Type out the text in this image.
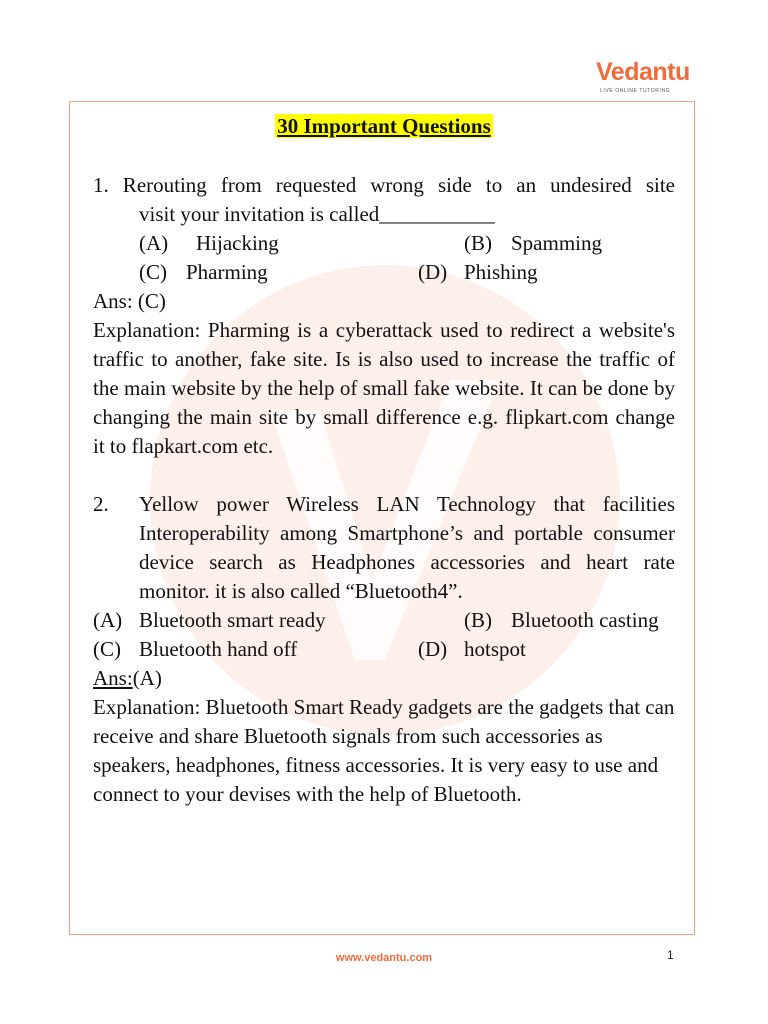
Vedantu
LIVE ONLINE TUTORING
30 Important Questions
1. Rerouting from requested wrong side to an undesired site
visit your invitation is called___________
(A) Hijacking	(B) Spamming
(C) Pharming	(D) Phishing
Ans: (C)
Explanation: Pharming is a cyberattack used to redirect a website's traffic to another, fake site. Is is also used to increase the traffic of the main website by the help of small fake website. It can be done by changing the main site by small difference e.g. flipkart.com change it to flapkart.com etc.
2.	Yellow power Wireless LAN Technology that facilities Interoperability among Smartphone’s and portable consumer device search as Headphones accessories and heart rate monitor. it is also called “Bluetooth4”.
(A) Bluetooth smart ready	(B) Bluetooth casting
(C) Bluetooth hand off	(D) hotspot
Ans:(A)
Explanation: Bluetooth Smart Ready gadgets are the gadgets that can receive and share Bluetooth signals from such accessories as speakers, headphones, fitness accessories. It is very easy to use and connect to your devises with the help of Bluetooth.
www.vedantu.com	1
